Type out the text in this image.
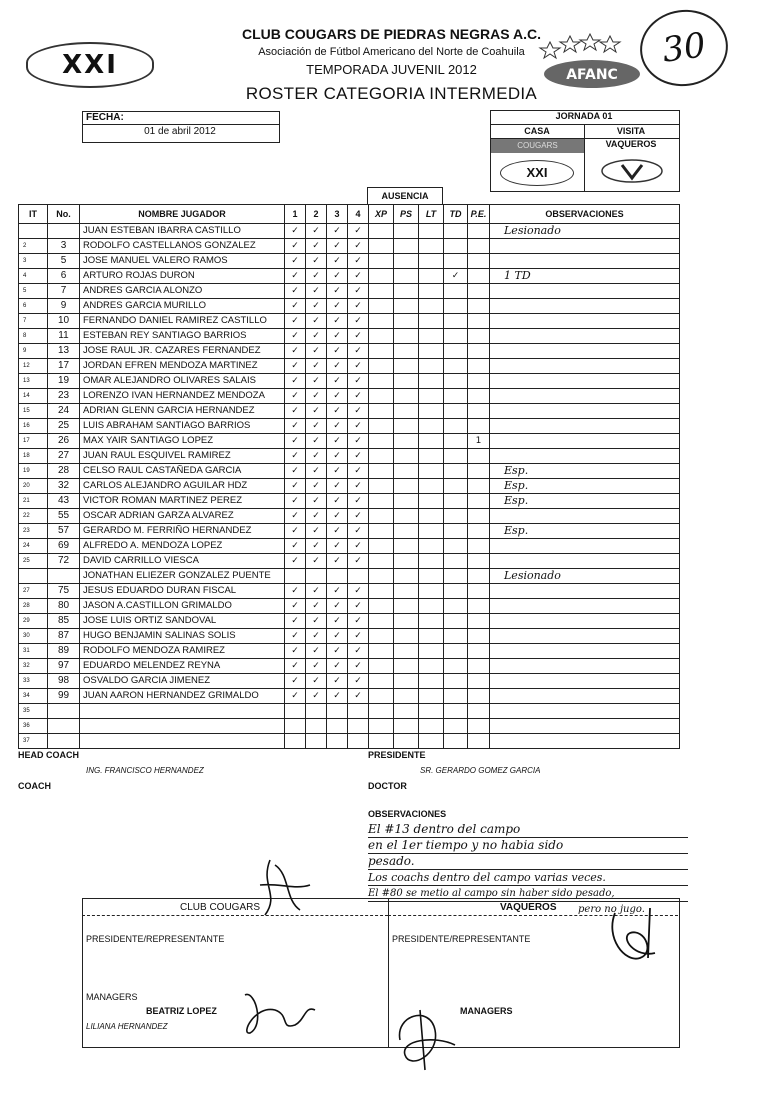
CLUB COUGARS DE PIEDRAS NEGRAS A.C.
Asociación de Fútbol Americano del Norte de Coahuila
TEMPORADA JUVENIL 2012
ROSTER CATEGORIA INTERMEDIA
XXI	AFANC
30
FECHA:
01 de abril 2012
JORNADA 01
CASA	VISITA
COUGARS	VAQUEROS
XXI
AUSENCIA
IT	No.	NOMBRE JUGADOR	1	2	3	4	XP	PS	LT	TD	P.E.	OBSERVACIONES
		JUAN ESTEBAN IBARRA CASTILLO	✓	✓	✓	✓						Lesionado
2	3	RODOLFO CASTELLANOS GONZALEZ	✓	✓	✓	✓						
3	5	JOSE MANUEL VALERO RAMOS	✓	✓	✓	✓						
4	6	ARTURO ROJAS DURON	✓	✓	✓	✓				✓		1 TD
5	7	ANDRES GARCIA ALONZO	✓	✓	✓	✓						
6	9	ANDRES GARCIA MURILLO	✓	✓	✓	✓						
7	10	FERNANDO DANIEL RAMIREZ CASTILLO	✓	✓	✓	✓						
8	11	ESTEBAN REY SANTIAGO BARRIOS	✓	✓	✓	✓						
9	13	JOSE RAUL JR. CAZARES FERNANDEZ	✓	✓	✓	✓						
12	17	JORDAN EFREN MENDOZA MARTINEZ	✓	✓	✓	✓						
13	19	OMAR ALEJANDRO OLIVARES SALAIS	✓	✓	✓	✓						
14	23	LORENZO IVAN HERNANDEZ MENDOZA	✓	✓	✓	✓						
15	24	ADRIAN GLENN GARCIA HERNANDEZ	✓	✓	✓	✓						
16	25	LUIS ABRAHAM SANTIAGO BARRIOS	✓	✓	✓	✓						
17	26	MAX YAIR SANTIAGO LOPEZ	✓	✓	✓	✓					1	
18	27	JUAN RAUL ESQUIVEL RAMIREZ	✓	✓	✓	✓						
19	28	CELSO RAUL CASTAÑEDA GARCIA	✓	✓	✓	✓						Esp.
20	32	CARLOS ALEJANDRO AGUILAR HDZ	✓	✓	✓	✓						Esp.
21	43	VICTOR ROMAN MARTINEZ PEREZ	✓	✓	✓	✓						Esp.
22	55	OSCAR ADRIAN GARZA ALVAREZ	✓	✓	✓	✓						
23	57	GERARDO M. FERRIÑO HERNANDEZ	✓	✓	✓	✓						Esp.
24	69	ALFREDO A. MENDOZA LOPEZ	✓	✓	✓	✓						
25	72	DAVID CARRILLO VIESCA	✓	✓	✓	✓						
		JONATHAN ELIEZER GONZALEZ PUENTE										Lesionado
27	75	JESUS EDUARDO DURAN FISCAL	✓	✓	✓	✓						
28	80	JASON A.CASTILLON GRIMALDO	✓	✓	✓	✓						
29	85	JOSE LUIS ORTIZ SANDOVAL	✓	✓	✓	✓						
30	87	HUGO BENJAMIN SALINAS SOLIS	✓	✓	✓	✓						
31	89	RODOLFO MENDOZA RAMIREZ	✓	✓	✓	✓						
32	97	EDUARDO MELENDEZ REYNA	✓	✓	✓	✓						
33	98	OSVALDO GARCIA JIMENEZ	✓	✓	✓	✓						
34	99	JUAN AARON HERNANDEZ GRIMALDO	✓	✓	✓	✓						
35												
36												
37												
HEAD COACH
ING. FRANCISCO HERNANDEZ
COACH
PRESIDENTE
SR. GERARDO GOMEZ GARCIA
DOCTOR
OBSERVACIONES
El #13 dentro del campo
en el 1er tiempo y no habia sido
pesado.
Los coachs dentro del campo varias veces.
El #80 se metio al campo sin haber sido pesado,
pero no jugo.
CLUB COUGARS	VAQUEROS
PRESIDENTE/REPRESENTANTE	PRESIDENTE/REPRESENTANTE
MANAGERS
BEATRIZ LOPEZ
LILIANA HERNANDEZ
MANAGERS
